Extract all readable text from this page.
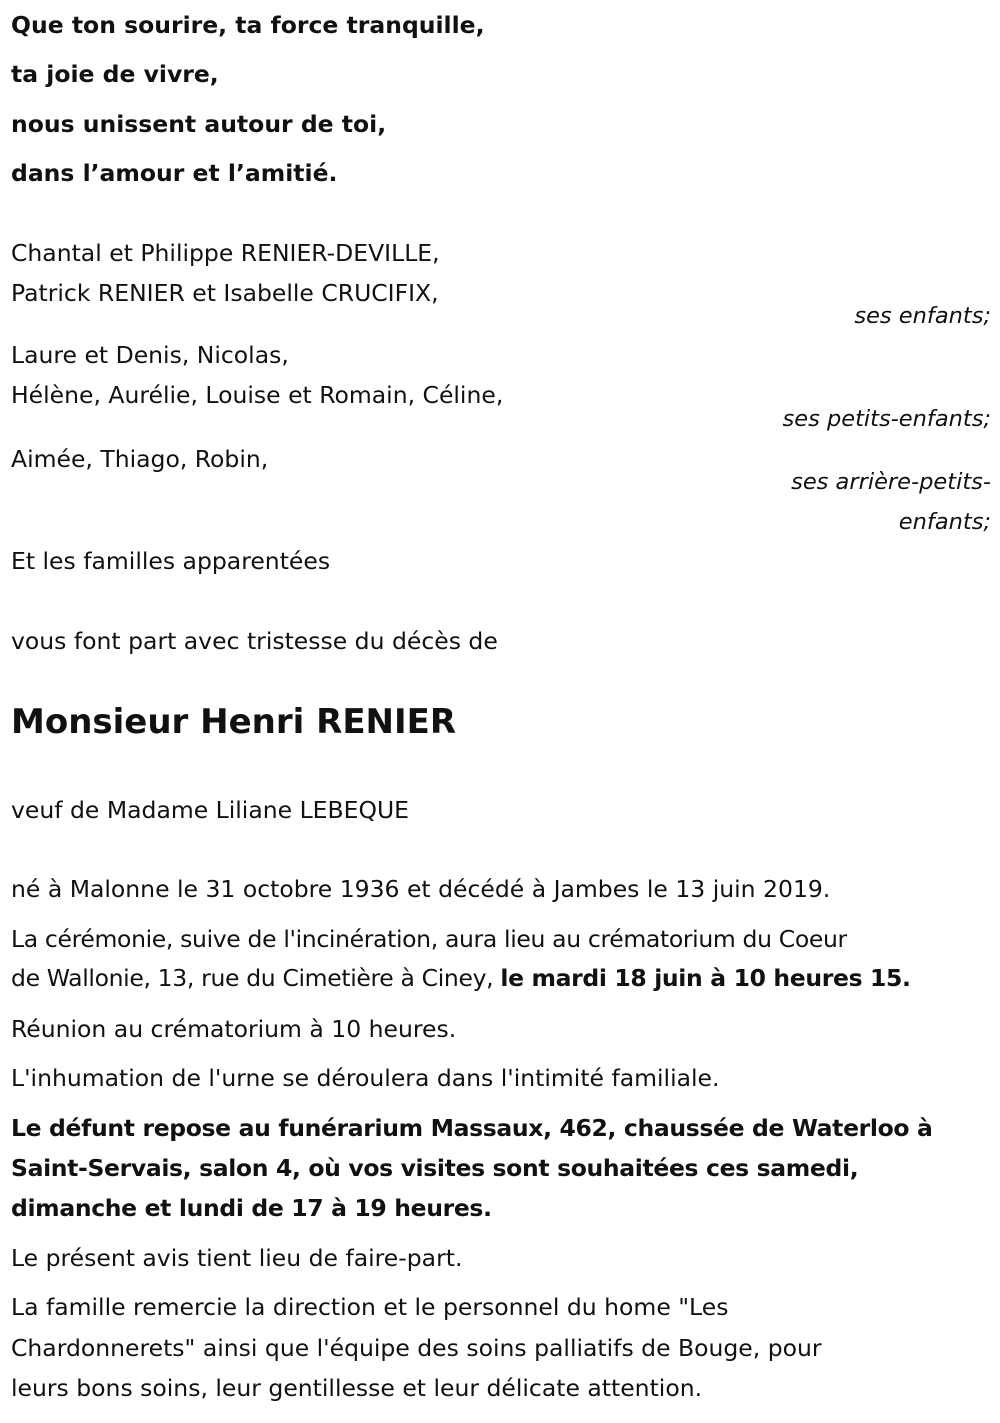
Que ton sourire, ta force tranquille,
ta joie de vivre,
nous unissent autour de toi,
dans l’amour et l’amitié.
Chantal et Philippe RENIER-DEVILLE,
Patrick RENIER et Isabelle CRUCIFIX,
ses enfants;
Laure et Denis, Nicolas,
Hélène, Aurélie, Louise et Romain, Céline,
ses petits-enfants;
Aimée, Thiago, Robin,
ses arrière-petits-
enfants;
Et les familles apparentées
vous font part avec tristesse du décès de
Monsieur Henri RENIER
veuf de Madame Liliane LEBEQUE
né à Malonne le 31 octobre 1936 et décédé à Jambes le 13 juin 2019.
La cérémonie, suive de l'incinération, aura lieu au crématorium du Coeur
de Wallonie, 13, rue du Cimetière à Ciney, le mardi 18 juin à 10 heures 15.
Réunion au crématorium à 10 heures.
L'inhumation de l'urne se déroulera dans l'intimité familiale.
Le défunt repose au funérarium Massaux, 462, chaussée de Waterloo à
Saint-Servais, salon 4, où vos visites sont souhaitées ces samedi,
dimanche et lundi de 17 à 19 heures.
Le présent avis tient lieu de faire-part.
La famille remercie la direction et le personnel du home "Les
Chardonnerets" ainsi que l'équipe des soins palliatifs de Bouge, pour
leurs bons soins, leur gentillesse et leur délicate attention.
